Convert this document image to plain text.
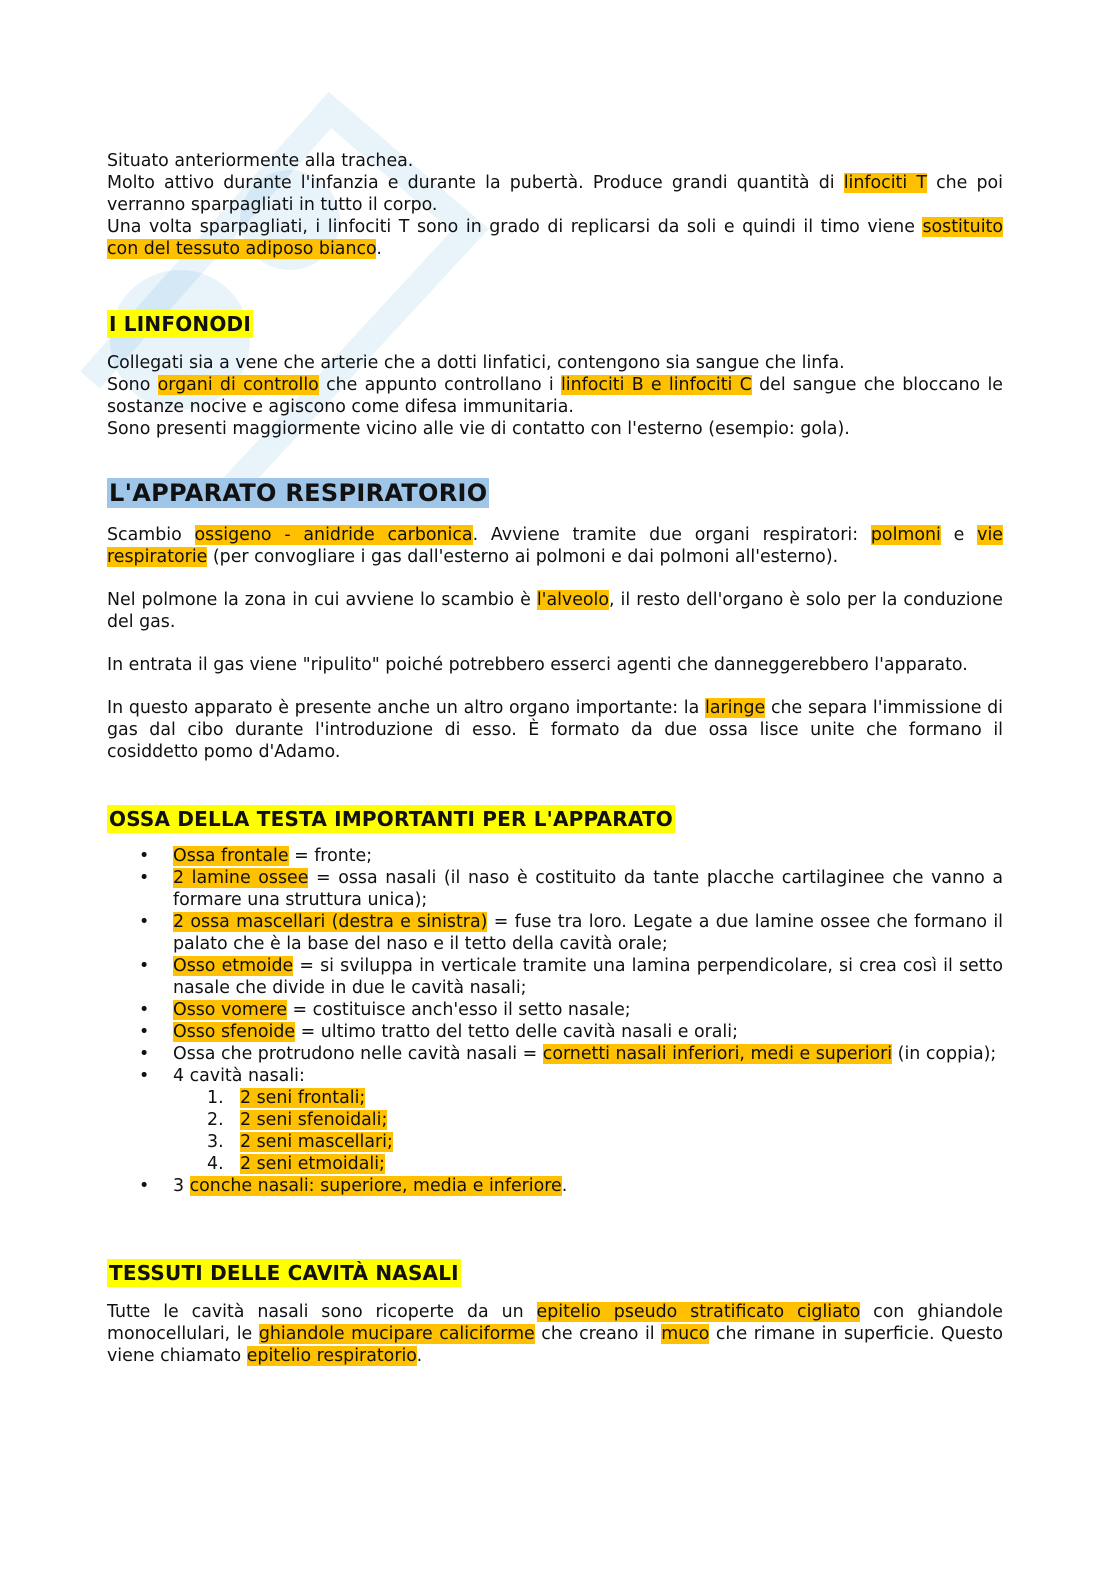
Situato anteriormente alla trachea.
Molto attivo durante l'infanzia e durante la pubertà. Produce grandi quantità di linfociti T che poi verranno sparpagliati in tutto il corpo.
Una volta sparpagliati, i linfociti T sono in grado di replicarsi da soli e quindi il timo viene sostituito con del tessuto adiposo bianco.

I LINFONODI

Collegati sia a vene che arterie che a dotti linfatici, contengono sia sangue che linfa.
Sono organi di controllo che appunto controllano i linfociti B e linfociti C del sangue che bloccano le sostanze nocive e agiscono come difesa immunitaria.
Sono presenti maggiormente vicino alle vie di contatto con l'esterno (esempio: gola).

L'APPARATO RESPIRATORIO

Scambio ossigeno - anidride carbonica. Avviene tramite due organi respiratori: polmoni e vie respiratorie (per convogliare i gas dall'esterno ai polmoni e dai polmoni all'esterno).

Nel polmone la zona in cui avviene lo scambio è l'alveolo, il resto dell'organo è solo per la conduzione del gas.

In entrata il gas viene "ripulito" poiché potrebbero esserci agenti che danneggerebbero l'apparato.

In questo apparato è presente anche un altro organo importante: la laringe che separa l'immissione di gas dal cibo durante l'introduzione di esso. È formato da due ossa lisce unite che formano il cosiddetto pomo d'Adamo.

OSSA DELLA TESTA IMPORTANTI PER L'APPARATO
• Ossa frontale = fronte;
• 2 lamine ossee = ossa nasali (il naso è costituito da tante placche cartilaginee che vanno a formare una struttura unica);
• 2 ossa mascellari (destra e sinistra) = fuse tra loro. Legate a due lamine ossee che formano il palato che è la base del naso e il tetto della cavità orale;
• Osso etmoide = si sviluppa in verticale tramite una lamina perpendicolare, si crea così il setto nasale che divide in due le cavità nasali;
• Osso vomere = costituisce anch'esso il setto nasale;
• Osso sfenoide = ultimo tratto del tetto delle cavità nasali e orali;
• Ossa che protrudono nelle cavità nasali = cornetti nasali inferiori, medi e superiori (in coppia);
• 4 cavità nasali:
1. 2 seni frontali;
2. 2 seni sfenoidali;
3. 2 seni mascellari;
4. 2 seni etmoidali;
• 3 conche nasali: superiore, media e inferiore.
TESSUTI DELLE CAVITÀ NASALI

Tutte le cavità nasali sono ricoperte da un epitelio pseudo stratificato cigliato con ghiandole monocellulari, le ghiandole mucipare caliciforme che creano il muco che rimane in superficie. Questo viene chiamato epitelio respiratorio.
